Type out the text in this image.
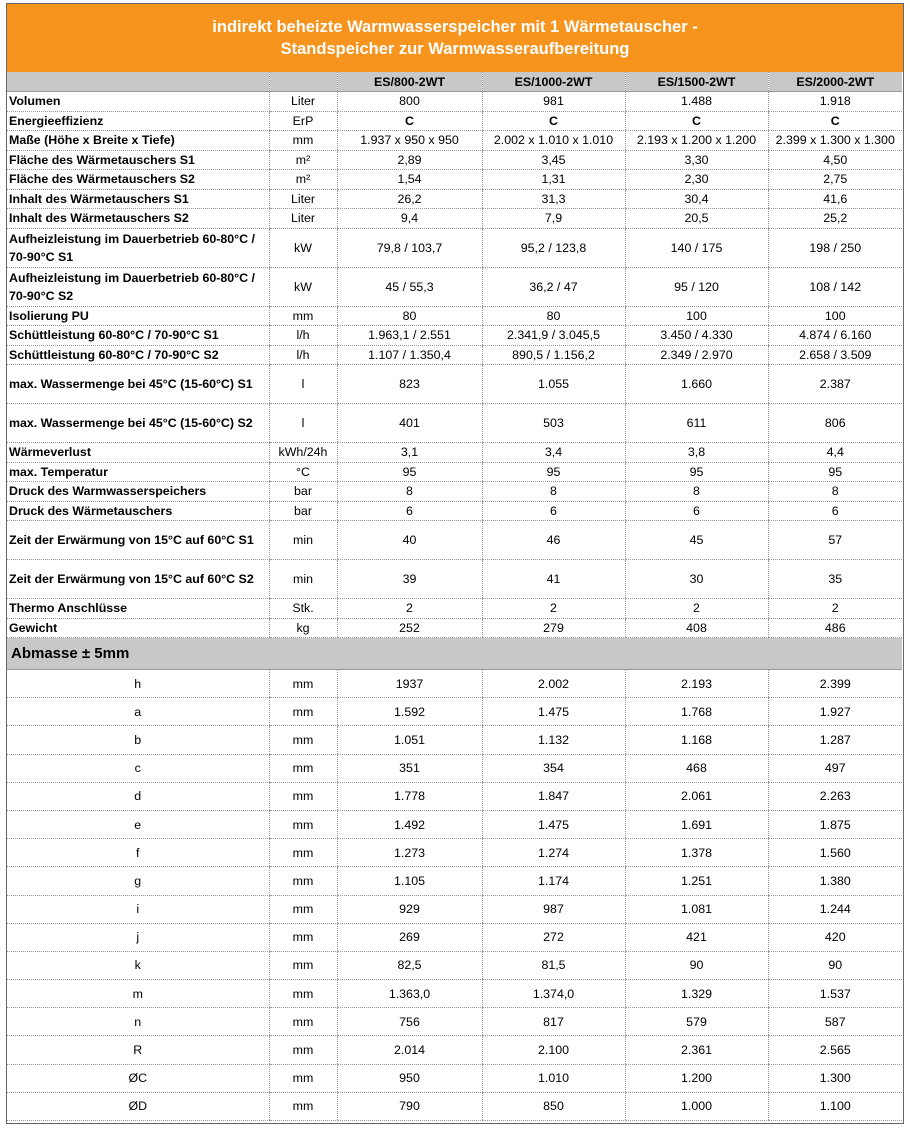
indirekt beheizte Warmwasserspeicher mit 1 Wärmetauscher -
Standspeicher zur Warmwasseraufbereitung
		ES/800-2WT	ES/1000-2WT	ES/1500-2WT	ES/2000-2WT
Volumen	Liter	800	981	1.488	1.918
Energieeffizienz	ErP	C	C	C	C
Maße (Höhe x Breite x Tiefe)	mm	1.937 x 950 x 950	2.002 x 1.010 x 1.010	2.193 x 1.200 x 1.200	2.399 x 1.300 x 1.300
Fläche des Wärmetauschers S1	m²	2,89	3,45	3,30	4,50
Fläche des Wärmetauschers S2	m²	1,54	1,31	2,30	2,75
Inhalt des Wärmetauschers S1	Liter	26,2	31,3	30,4	41,6
Inhalt des Wärmetauschers S2	Liter	9,4	7,9	20,5	25,2
Aufheizleistung im Dauerbetrieb 60-80°C / 70-90°C S1	kW	79,8 / 103,7	95,2 / 123,8	140 / 175	198 / 250
Aufheizleistung im Dauerbetrieb 60-80°C / 70-90°C S2	kW	45 / 55,3	36,2 / 47	95 / 120	108 / 142
Isolierung PU	mm	80	80	100	100
Schüttleistung 60-80°C / 70-90°C S1	l/h	1.963,1 / 2.551	2.341,9 / 3.045,5	3.450 / 4.330	4.874 / 6.160
Schüttleistung 60-80°C / 70-90°C S2	l/h	1.107 / 1.350,4	890,5 / 1.156,2	2.349 / 2.970	2.658 / 3.509
max. Wassermenge bei 45°C (15-60°C) S1	l	823	1.055	1.660	2.387
max. Wassermenge bei 45°C (15-60°C) S2	l	401	503	611	806
Wärmeverlust	kWh/24h	3,1	3,4	3,8	4,4
max. Temperatur	°C	95	95	95	95
Druck des Warmwasserspeichers	bar	8	8	8	8
Druck des Wärmetauschers	bar	6	6	6	6
Zeit der Erwärmung von 15°C auf 60°C S1	min	40	46	45	57
Zeit der Erwärmung von 15°C auf 60°C S2	min	39	41	30	35
Thermo Anschlüsse	Stk.	2	2	2	2
Gewicht	kg	252	279	408	486
Abmasse ± 5mm					
h	mm	1937	2.002	2.193	2.399
a	mm	1.592	1.475	1.768	1.927
b	mm	1.051	1.132	1.168	1.287
c	mm	351	354	468	497
d	mm	1.778	1.847	2.061	2.263
e	mm	1.492	1.475	1.691	1.875
f	mm	1.273	1.274	1.378	1.560
g	mm	1.105	1.174	1.251	1.380
i	mm	929	987	1.081	1.244
j	mm	269	272	421	420
k	mm	82,5	81,5	90	90
m	mm	1.363,0	1.374,0	1.329	1.537
n	mm	756	817	579	587
R	mm	2.014	2.100	2.361	2.565
ØC	mm	950	1.010	1.200	1.300
ØD	mm	790	850	1.000	1.100
